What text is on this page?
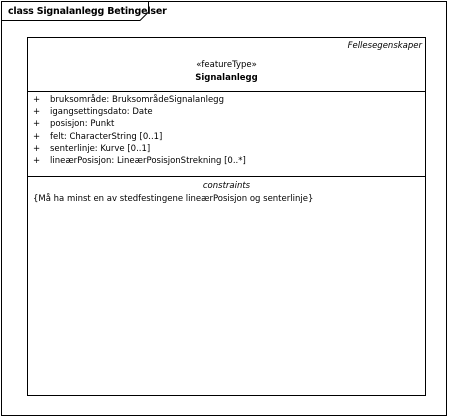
class Signalanlegg Betingelser
Fellesegenskaper
«featureType»
Signalanlegg
+ bruksområde: BruksområdeSignalanlegg
+ igangsettingsdato: Date
+ posisjon: Punkt
+ felt: CharacterString [0..1]
+ senterlinje: Kurve [0..1]
+ lineærPosisjon: LineærPosisjonStrekning [0..*]
constraints
{Må ha minst en av stedfestingene lineærPosisjon og senterlinje}
